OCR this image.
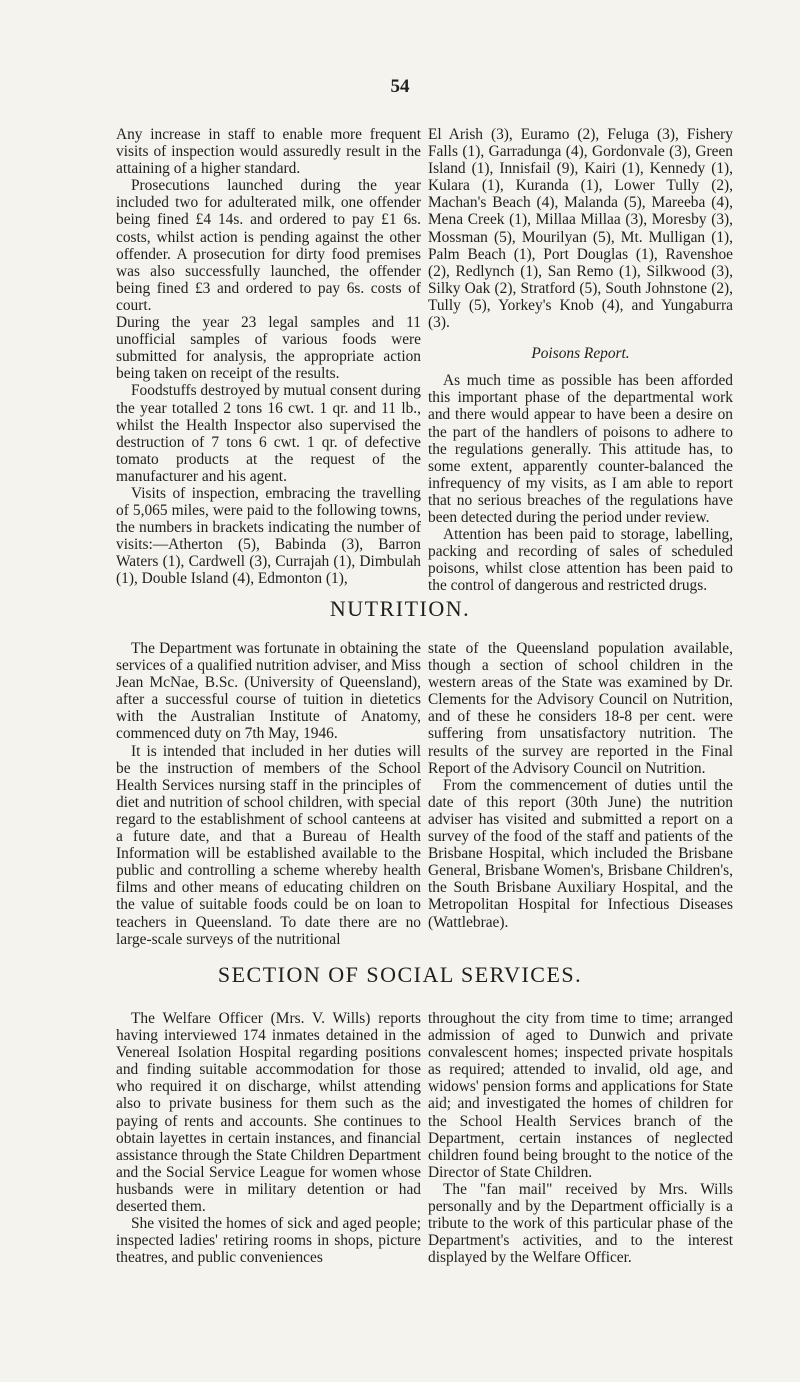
54

Any increase in staff to enable more frequent visits of inspection would assuredly result in the attaining of a higher standard.

Prosecutions launched during the year included two for adulterated milk, one offender being fined £4 14s. and ordered to pay £1 6s. costs, whilst action is pending against the other offender. A prosecution for dirty food premises was also successfully launched, the offender being fined £3 and ordered to pay 6s. costs of court.

During the year 23 legal samples and 11 unofficial samples of various foods were submitted for analysis, the appropriate action being taken on receipt of the results.

Foodstuffs destroyed by mutual consent during the year totalled 2 tons 16 cwt. 1 qr. and 11 lb., whilst the Health Inspector also supervised the destruction of 7 tons 6 cwt. 1 qr. of defective tomato products at the request of the manufacturer and his agent.

Visits of inspection, embracing the travelling of 5,065 miles, were paid to the following towns, the numbers in brackets indicating the number of visits:—Atherton (5), Babinda (3), Barron Waters (1), Cardwell (3), Currajah (1), Dimbulah (1), Double Island (4), Edmonton (1),

El Arish (3), Euramo (2), Feluga (3), Fishery Falls (1), Garradunga (4), Gordonvale (3), Green Island (1), Innisfail (9), Kairi (1), Kennedy (1), Kulara (1), Kuranda (1), Lower Tully (2), Machan's Beach (4), Malanda (5), Mareeba (4), Mena Creek (1), Millaa Millaa (3), Moresby (3), Mossman (5), Mourilyan (5), Mt. Mulligan (1), Palm Beach (1), Port Douglas (1), Ravenshoe (2), Redlynch (1), San Remo (1), Silkwood (3), Silky Oak (2), Stratford (5), South Johnstone (2), Tully (5), Yorkey's Knob (4), and Yungaburra (3).

Poisons Report.

As much time as possible has been afforded this important phase of the departmental work and there would appear to have been a desire on the part of the handlers of poisons to adhere to the regulations generally. This attitude has, to some extent, apparently counter-balanced the infrequency of my visits, as I am able to report that no serious breaches of the regulations have been detected during the period under review.

Attention has been paid to storage, labelling, packing and recording of sales of scheduled poisons, whilst close attention has been paid to the control of dangerous and restricted drugs.

NUTRITION.

The Department was fortunate in obtaining the services of a qualified nutrition adviser, and Miss Jean McNae, B.Sc. (University of Queensland), after a successful course of tuition in dietetics with the Australian Institute of Anatomy, commenced duty on 7th May, 1946.

It is intended that included in her duties will be the instruction of members of the School Health Services nursing staff in the principles of diet and nutrition of school children, with special regard to the establishment of school canteens at a future date, and that a Bureau of Health Information will be established available to the public and controlling a scheme whereby health films and other means of educating children on the value of suitable foods could be on loan to teachers in Queensland. To date there are no large-scale surveys of the nutritional

state of the Queensland population available, though a section of school children in the western areas of the State was examined by Dr. Clements for the Advisory Council on Nutrition, and of these he considers 18-8 per cent. were suffering from unsatisfactory nutrition. The results of the survey are reported in the Final Report of the Advisory Council on Nutrition.

From the commencement of duties until the date of this report (30th June) the nutrition adviser has visited and submitted a report on a survey of the food of the staff and patients of the Brisbane Hospital, which included the Brisbane General, Brisbane Women's, Brisbane Children's, the South Brisbane Auxiliary Hospital, and the Metropolitan Hospital for Infectious Diseases (Wattlebrae).

SECTION OF SOCIAL SERVICES.

The Welfare Officer (Mrs. V. Wills) reports having interviewed 174 inmates detained in the Venereal Isolation Hospital regarding positions and finding suitable accommodation for those who required it on discharge, whilst attending also to private business for them such as the paying of rents and accounts. She continues to obtain layettes in certain instances, and financial assistance through the State Children Department and the Social Service League for women whose husbands were in military detention or had deserted them.

She visited the homes of sick and aged people; inspected ladies' retiring rooms in shops, picture theatres, and public conveniences

throughout the city from time to time; arranged admission of aged to Dunwich and private convalescent homes; inspected private hospitals as required; attended to invalid, old age, and widows' pension forms and applications for State aid; and investigated the homes of children for the School Health Services branch of the Department, certain instances of neglected children found being brought to the notice of the Director of State Children.

The "fan mail" received by Mrs. Wills personally and by the Department officially is a tribute to the work of this particular phase of the Department's activities, and to the interest displayed by the Welfare Officer.
